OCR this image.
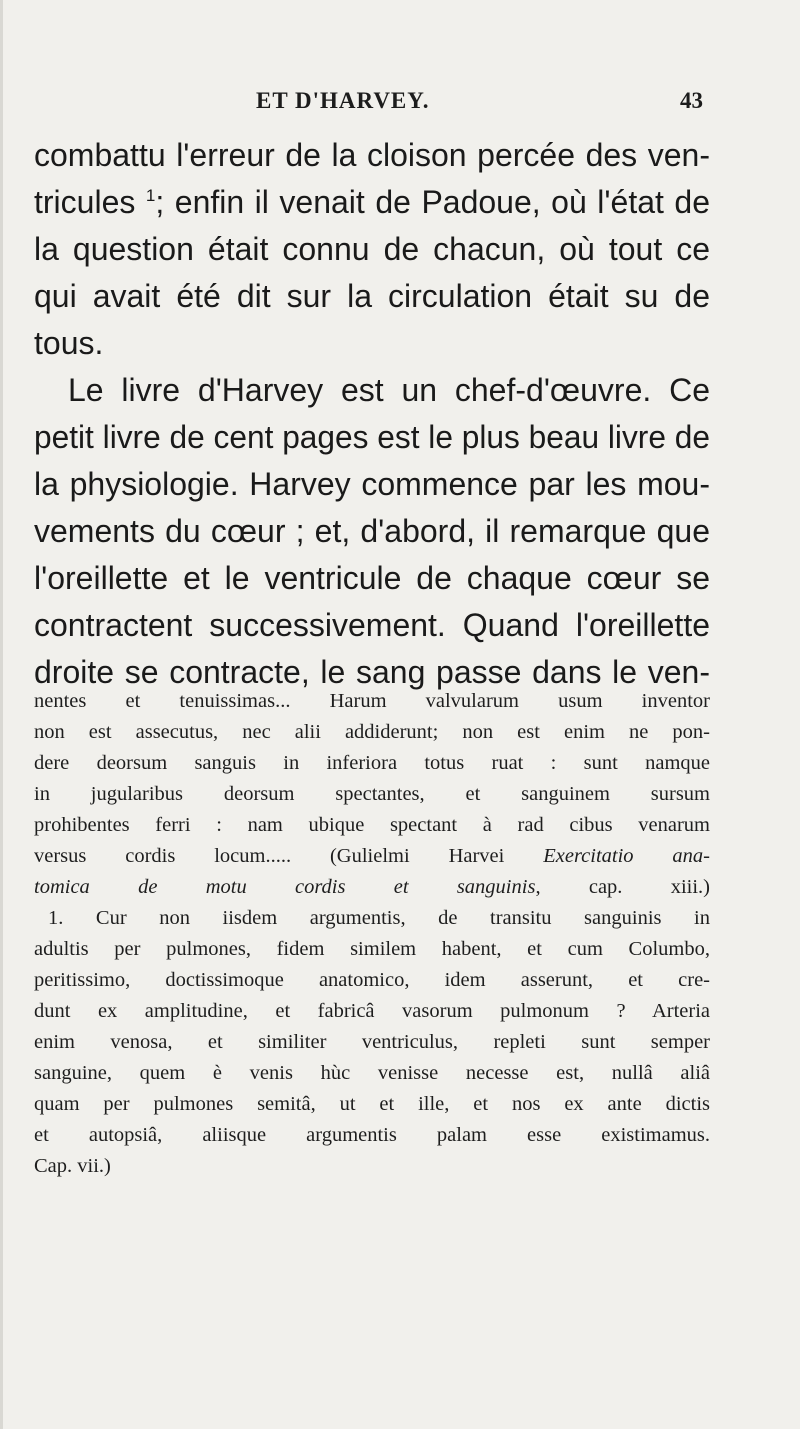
ET D'HARVEY.	43
combattu l'erreur de la cloison percée des ven-
tricules $^1$; enfin il venait de Padoue, où l'état de
la question était connu de chacun, où tout ce
qui avait été dit sur la circulation était su de
tous.
Le livre d'Harvey est un chef-d'œuvre. Ce
petit livre de cent pages est le plus beau livre de
la physiologie. Harvey commence par les mou-
vements du cœur ; et, d'abord, il remarque que
l'oreillette et le ventricule de chaque cœur se
contractent successivement. Quand l'oreillette
droite se contracte, le sang passe dans le ven-
nentes et tenuissimas... Harum valvularum usum inventor
non est assecutus, nec alii addiderunt; non est enim ne pon-
dere deorsum sanguis in inferiora totus ruat : sunt namque
in jugularibus deorsum spectantes, et sanguinem sursum
prohibentes ferri : nam ubique spectant à rad cibus venarum
versus cordis locum..... (Gulielmi Harvei Exercitatio ana-
tomica de motu cordis et sanguinis, cap. xiii.)
1. Cur non iisdem argumentis, de transitu sanguinis in
adultis per pulmones, fidem similem habent, et cum Columbo,
peritissimo, doctissimoque anatomico, idem asserunt, et cre-
dunt ex amplitudine, et fabricâ vasorum pulmonum ? Arteria
enim venosa, et similiter ventriculus, repleti sunt semper
sanguine, quem è venis hùc venisse necesse est, nullâ aliâ
quam per pulmones semitâ, ut et ille, et nos ex ante dictis
et autopsiâ, aliisque argumentis palam esse existimamus.
Cap. vii.)
